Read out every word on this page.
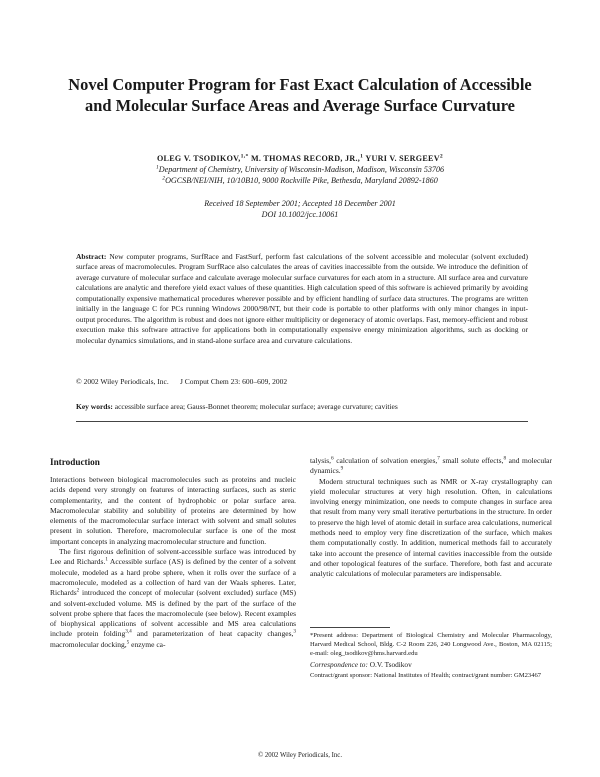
Novel Computer Program for Fast Exact Calculation of Accessible and Molecular Surface Areas and Average Surface Curvature
OLEG V. TSODIKOV,$^{1,*}$ M. THOMAS RECORD, JR.,$^1$ YURI V. SERGEEV$^2$
$^1$Department of Chemistry, University of Wisconsin-Madison, Madison, Wisconsin 53706
$^2$OGCSB/NEI/NIH, 10/10B10, 9000 Rockville Pike, Bethesda, Maryland 20892-1860
Received 18 September 2001; Accepted 18 December 2001
DOI 10.1002/jcc.10061

Abstract: New computer programs, SurfRace and FastSurf, perform fast calculations of the solvent accessible and molecular (solvent excluded) surface areas of macromolecules. Program SurfRace also calculates the areas of cavities inaccessible from the outside. We introduce the definition of average curvature of molecular surface and calculate average molecular surface curvatures for each atom in a structure. All surface area and curvature calculations are analytic and therefore yield exact values of these quantities. High calculation speed of this software is achieved primarily by avoiding computationally expensive mathematical procedures wherever possible and by efficient handling of surface data structures. The programs are written initially in the language C for PCs running Windows 2000/98/NT, but their code is portable to other platforms with only minor changes in input-output procedures. The algorithm is robust and does not ignore either multiplicity or degeneracy of atomic overlaps. Fast, memory-efficient and robust execution make this software attractive for applications both in computationally expensive energy minimization algorithms, such as docking or molecular dynamics simulations, and in stand-alone surface area and curvature calculations.

© 2002 Wiley Periodicals, Inc. J Comput Chem 23: 600–609, 2002
Key words: accessible surface area; Gauss-Bonnet theorem; molecular surface; average curvature; cavities

Introduction

Interactions between biological macromolecules such as proteins and nucleic acids depend very strongly on features of interacting surfaces, such as steric complementarity, and the content of hydrophobic or polar surface area. Macromolecular stability and solubility of proteins are determined by how elements of the macromolecular surface interact with solvent and small solutes present in solution. Therefore, macromolecular surface is one of the most important concepts in analyzing macromolecular structure and function.

The first rigorous definition of solvent-accessible surface was introduced by Lee and Richards.$^1$ Accessible surface (AS) is defined by the center of a solvent molecule, modeled as a hard probe sphere, when it rolls over the surface of a macromolecule, modeled as a collection of hard van der Waals spheres. Later, Richards$^2$ introduced the concept of molecular (solvent excluded) surface (MS) and solvent-excluded volume. MS is defined by the part of the surface of the solvent probe sphere that faces the macromolecule (see below). Recent examples of biophysical applications of solvent accessible and MS area calculations include protein folding$^{3,4}$ and parameterization of heat capacity changes,$^3$ macromolecular docking,$^5$ enzyme ca-

talysis,$^6$ calculation of solvation energies,$^7$ small solute effects,$^8$ and molecular dynamics.$^9$

Modern structural techniques such as NMR or X-ray crystallography can yield molecular structures at very high resolution. Often, in calculations involving energy minimization, one needs to compute changes in surface area that result from many very small iterative perturbations in the structure. In order to preserve the high level of atomic detail in surface area calculations, numerical methods need to employ very fine discretization of the surface, which makes them computationally costly. In addition, numerical methods fail to accurately take into account the presence of internal cavities inaccessible from the outside and other topological features of the surface. Therefore, both fast and accurate analytic calculations of molecular parameters are indispensable.

*Present address: Department of Biological Chemistry and Molecular Pharmacology, Harvard Medical School, Bldg. C-2 Room 226, 240 Longwood Ave., Boston, MA 02115; e-mail: oleg_tsodikov@hms.harvard.edu

Correspondence to: O.V. Tsodikov

Contract/grant sponsor: National Institutes of Health; contract/grant number: GM23467

© 2002 Wiley Periodicals, Inc.
